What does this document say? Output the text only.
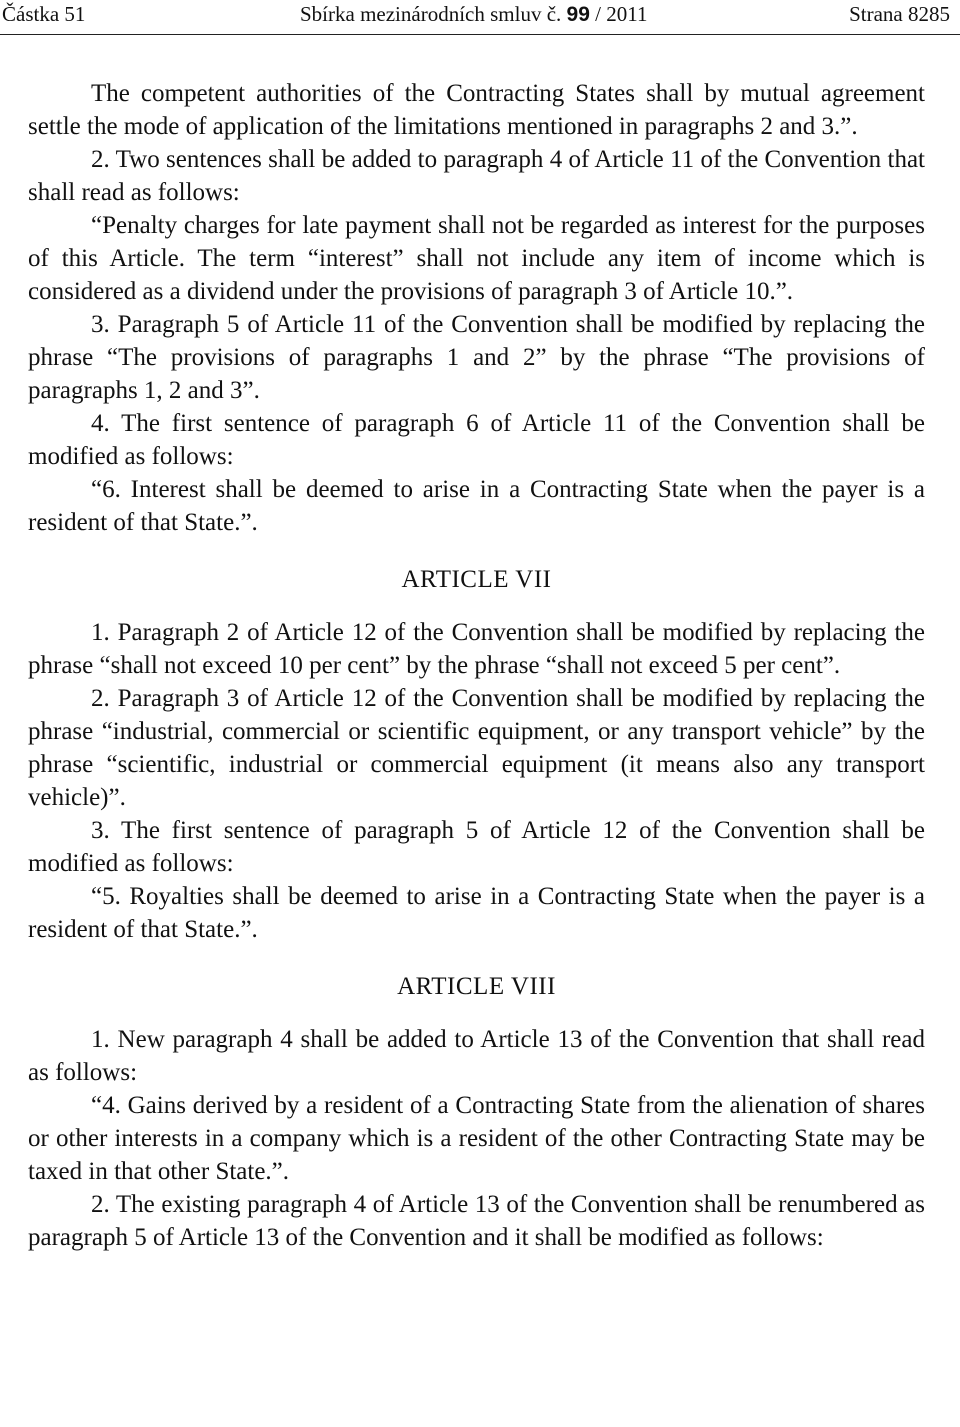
Částka 51	Sbírka mezinárodních smluv č. 99 / 2011	Strana 8285

The competent authorities of the Contracting States shall by mutual agreement settle the mode of application of the limitations mentioned in paragraphs 2 and 3.”.

2. Two sentences shall be added to paragraph 4 of Article 11 of the Convention that shall read as follows:

“Penalty charges for late payment shall not be regarded as interest for the purposes of this Article. The term “interest” shall not include any item of income which is considered as a dividend under the provisions of paragraph 3 of Article 10.”.

3. Paragraph 5 of Article 11 of the Convention shall be modified by replacing the phrase “The provisions of paragraphs 1 and 2” by the phrase “The provisions of paragraphs 1, 2 and 3”.

4. The first sentence of paragraph 6 of Article 11 of the Convention shall be modified as follows:

“6. Interest shall be deemed to arise in a Contracting State when the payer is a resident of that State.”.

ARTICLE VII

1. Paragraph 2 of Article 12 of the Convention shall be modified by replacing the phrase “shall not exceed 10 per cent” by the phrase “shall not exceed 5 per cent”.

2. Paragraph 3 of Article 12 of the Convention shall be modified by replacing the phrase “industrial, commercial or scientific equipment, or any transport vehicle” by the phrase “scientific, industrial or commercial equipment (it means also any transport vehicle)”.

3. The first sentence of paragraph 5 of Article 12 of the Convention shall be modified as follows:

“5. Royalties shall be deemed to arise in a Contracting State when the payer is a resident of that State.”.

ARTICLE VIII

1. New paragraph 4 shall be added to Article 13 of the Convention that shall read as follows:

“4. Gains derived by a resident of a Contracting State from the alienation of shares or other interests in a company which is a resident of the other Contracting State may be taxed in that other State.”.

2. The existing paragraph 4 of Article 13 of the Convention shall be renumbered as paragraph 5 of Article 13 of the Convention and it shall be modified as follows:
